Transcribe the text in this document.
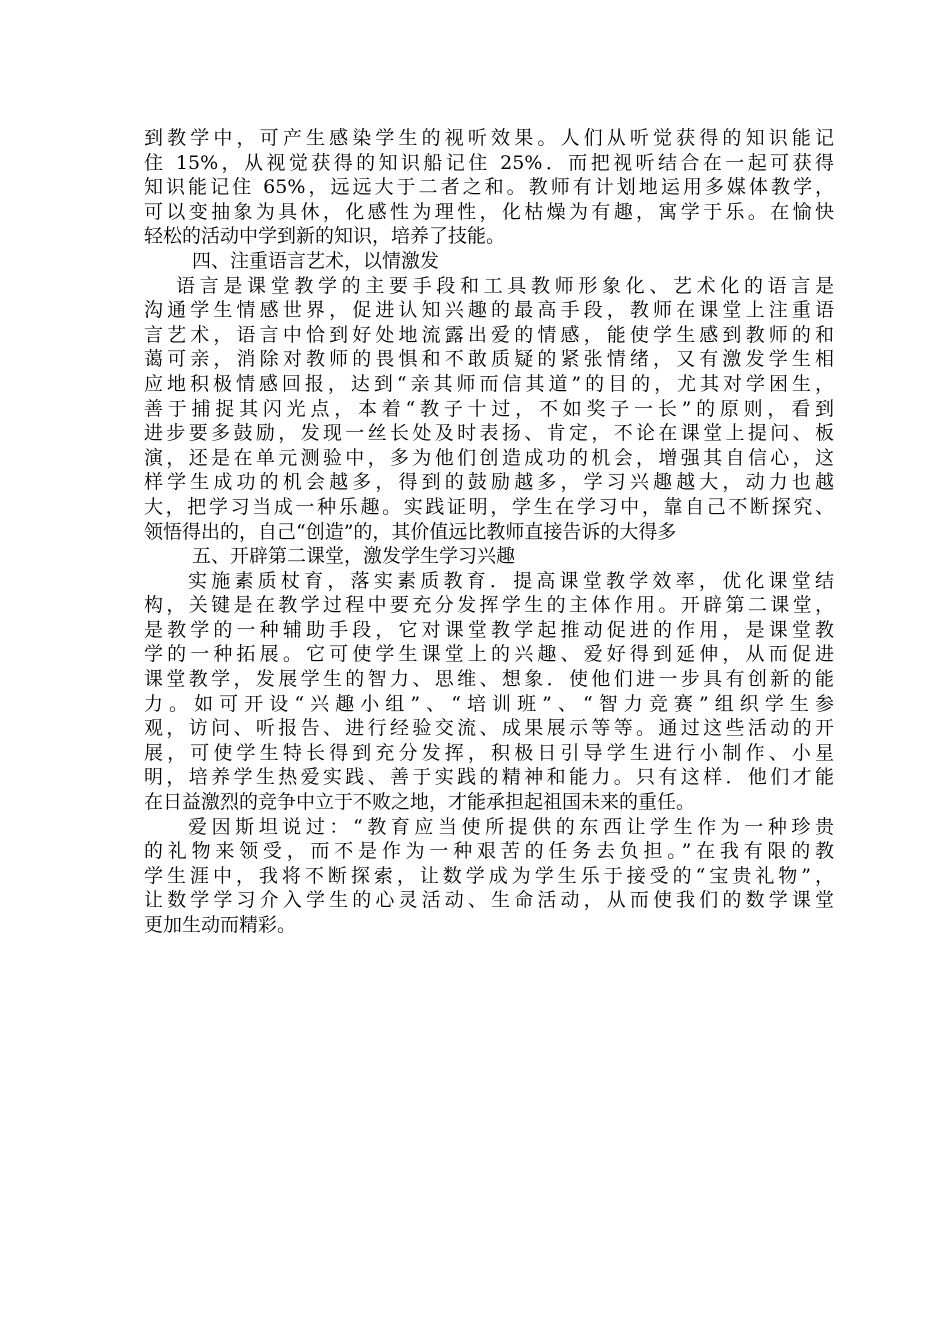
到教学中，可产生感染学生的视听效果。人们从听觉获得的知识能记
住 15%，从视觉获得的知识船记住 25%．而把视听结合在一起可获得
知识能记住 65%，远远大于二者之和。教师有计划地运用多媒体教学，
可以变抽象为具休，化感性为理性，化枯燥为有趣，寓学于乐。在愉快
轻松的活动中学到新的知识，培养了技能。
四、注重语言艺术，以情激发
语言是课堂教学的主要手段和工具教师形象化、艺术化的语言是
沟通学生情感世界，促进认知兴趣的最高手段，教师在课堂上注重语
言艺术，语言中恰到好处地流露出爱的情感，能使学生感到教师的和
蔼可亲，消除对教师的畏惧和不敢质疑的紧张情绪，又有激发学生相
应地积极情感回报，达到“亲其师而信其道”的目的，尤其对学困生，
善于捕捉其闪光点，本着“教子十过，不如奖子一长”的原则，看到
进步要多鼓励，发现一丝长处及时表扬、肯定，不论在课堂上提问、板
演，还是在单元测验中，多为他们创造成功的机会，增强其自信心，这
样学生成功的机会越多，得到的鼓励越多，学习兴趣越大，动力也越
大，把学习当成一种乐趣。实践证明，学生在学习中，靠自己不断探究、
领悟得出的，自己“创造”的，其价值远比教师直接告诉的大得多
五、开辟第二课堂，激发学生学习兴趣
实施素质杖育，落实素质教育．提高课堂教学效率，优化课堂结
构，关键是在教学过程中要充分发挥学生的主体作用。开辟第二课堂，
是教学的一种辅助手段，它对课堂教学起推动促进的作用，是课堂教
学的一种拓展。它可使学生课堂上的兴趣、爱好得到延伸，从而促进
课堂教学，发展学生的智力、思维、想象．使他们进一步具有创新的能
力。如可开设“兴趣小组”、“培训班”、“智力竞赛”组织学生参
观，访问、听报告、进行经验交流、成果展示等等。通过这些活动的开
展，可使学生特长得到充分发挥，积极日引导学生进行小制作、小星
明，培养学生热爱实践、善于实践的精神和能力。只有这样．他们才能
在日益激烈的竞争中立于不败之地，才能承担起祖国未来的重任。
爱因斯坦说过：“教育应当使所提供的东西让学生作为一种珍贵
的礼物来领受，而不是作为一种艰苦的任务去负担。”在我有限的教
学生涯中，我将不断探索，让数学成为学生乐于接受的“宝贵礼物”，
让数学学习介入学生的心灵活动、生命活动，从而使我们的数学课堂
更加生动而精彩。
